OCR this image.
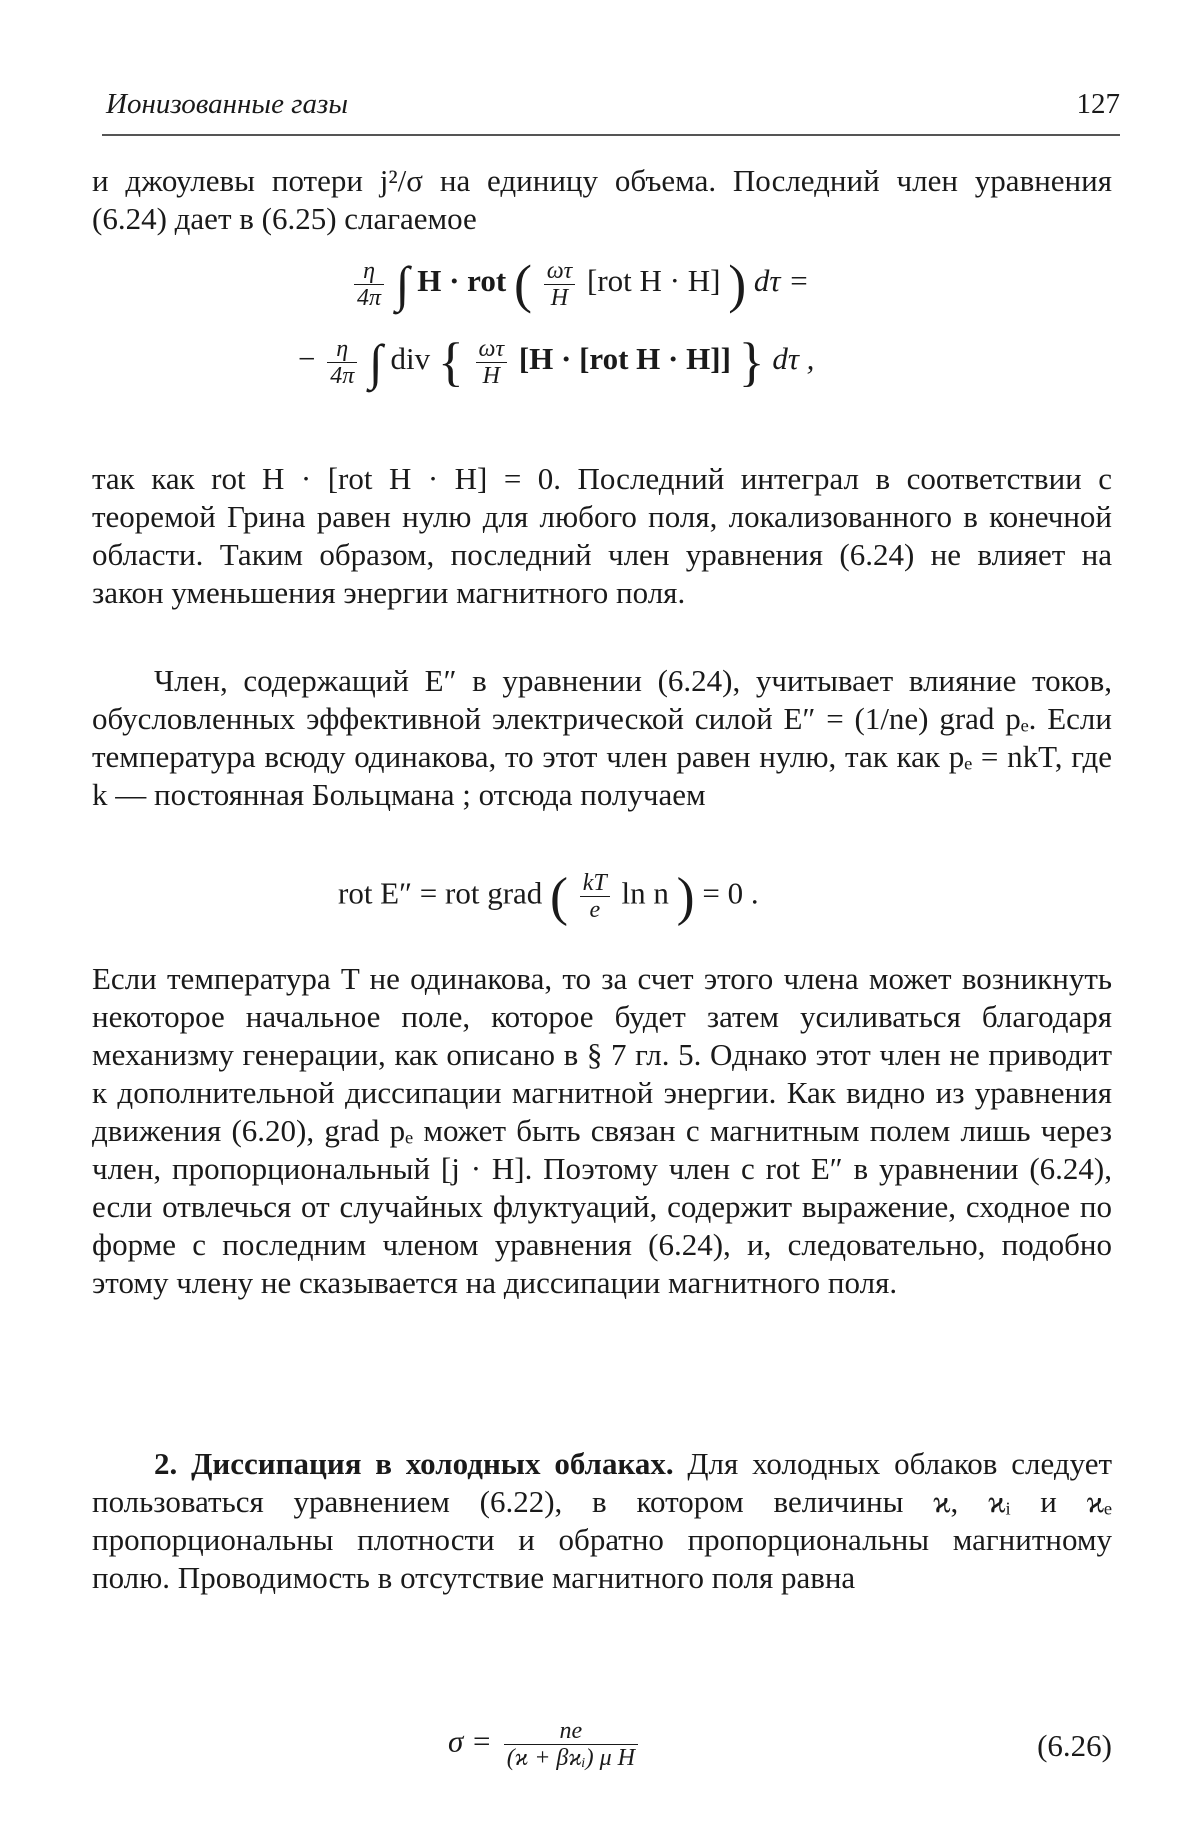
Ионизованные газы	127

и джоулевы потери j²/σ на единицу объема. Последний член уравнения (6.24) дает в (6.25) слагаемое

$\frac{\eta}{4\pi}$ ∫ H · rot ( $\frac{\omega\tau}{H} [rot$ H · H] ) dτ =
− $\frac{\eta}{4\pi}$ ∫ div { $\frac{\omega\tau}{H} [H \cdot [rot$ H · H]] } dτ ,

так как rot H · [rot H · H] = 0. Последний интеграл в соответствии с теоремой Грина равен нулю для любого поля, локализованного в конечной области. Таким образом, последний член уравнения (6.24) не влияет на закон уменьшения энергии магнитного поля.

Член, содержащий E″ в уравнении (6.24), учитывает влияние токов, обусловленных эффективной электрической силой E″ = (1/ne) grad pₑ. Если температура всюду одинакова, то этот член равен нулю, так как pₑ = nkT, где k — постоянная Больцмана ; отсюда получаем

rot E″ = rot grad ( $\frac{kT}{e}$ ln n ) = 0 .

Если температура T не одинакова, то за счет этого члена может возникнуть некоторое начальное поле, которое будет затем усиливаться благодаря механизму генерации, как описано в § 7 гл. 5. Однако этот член не приводит к дополнительной диссипации магнитной энергии. Как видно из уравнения движения (6.20), grad pₑ может быть связан с магнитным полем лишь через член, пропорциональный [j · H]. Поэтому член с rot E″ в уравнении (6.24), если отвлечься от случайных флуктуаций, содержит выражение, сходное по форме с последним членом уравнения (6.24), и, следовательно, подобно этому члену не сказывается на диссипации магнитного поля.

2. Диссипация в холодных облаках. Для холодных облаков следует пользоваться уравнением (6.22), в котором величины ϰ, ϰᵢ и ϰₑ пропорциональны плотности и обратно пропорциональны магнитному полю. Проводимость в отсутствие магнитного поля равна

$\sigma = \frac{ne}{\text{(ϰ + βϰᵢ) μ H}}$	(6.26)
